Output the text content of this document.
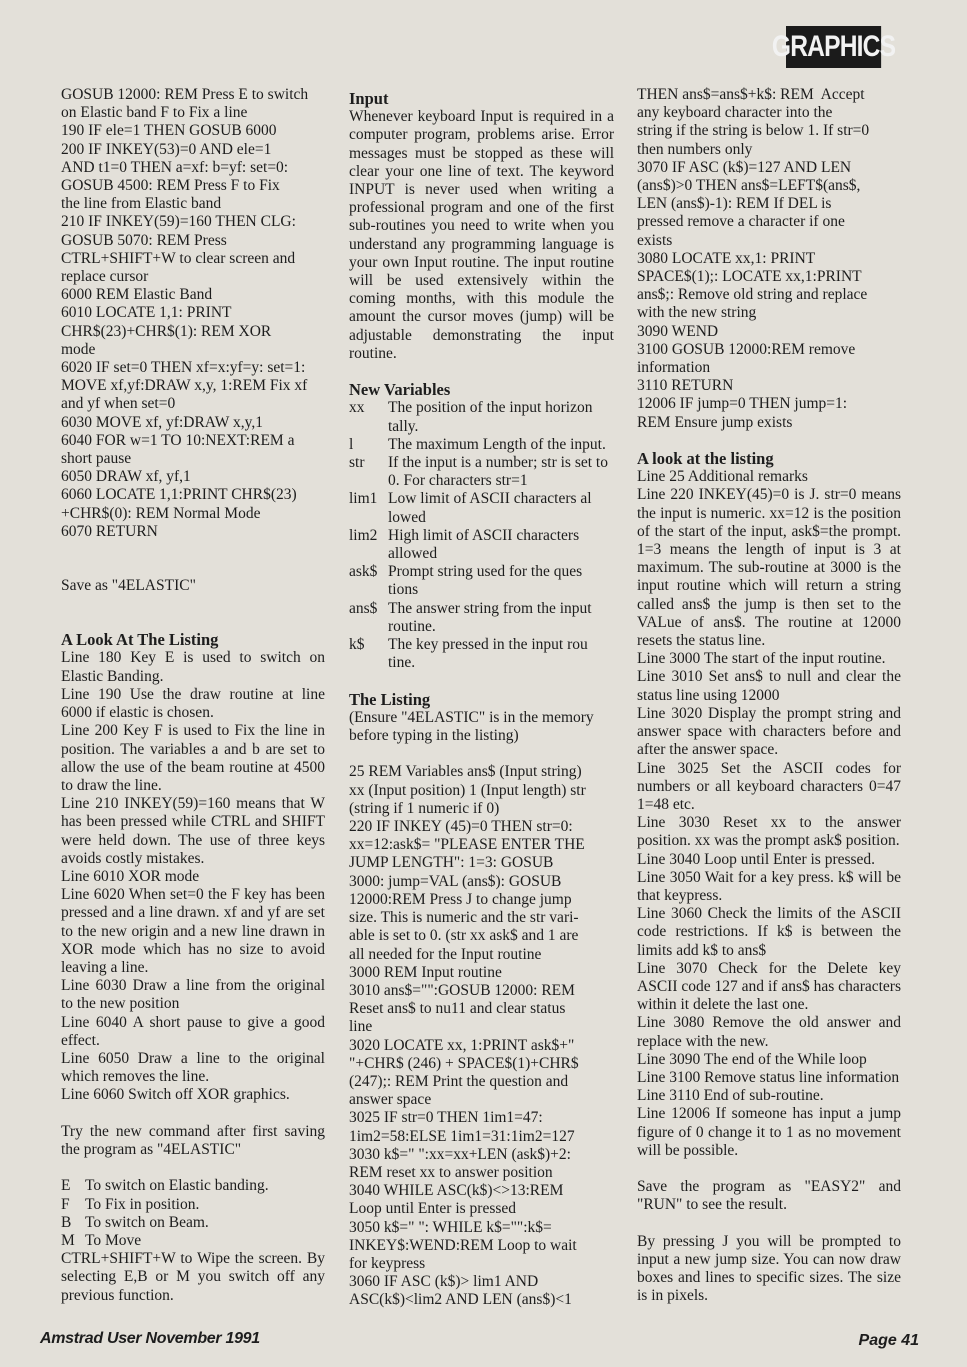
GRAPHICS
GOSUB 12000: REM Press E to switch
on Elastic band F to Fix a line
190 IF ele=1 THEN GOSUB 6000
200 IF INKEY(53)=0 AND ele=1
AND t1=0 THEN a=xf: b=yf: set=0:
GOSUB 4500: REM Press F to Fix
the line from Elastic band
210 IF INKEY(59)=160 THEN CLG:
GOSUB 5070: REM Press
CTRL+SHIFT+W to clear screen and
replace cursor
6000 REM Elastic Band
6010 LOCATE 1,1: PRINT
CHR$(23)+CHR$(1): REM XOR
mode
6020 IF set=0 THEN xf=x:yf=y: set=1:
MOVE xf,yf:DRAW x,y, 1:REM Fix xf
and yf when set=0
6030 MOVE xf, yf:DRAW x,y,1
6040 FOR w=1 TO 10:NEXT:REM a
short pause
6050 DRAW xf, yf,1
6060 LOCATE 1,1:PRINT CHR$(23)
+CHR$(0): REM Normal Mode
6070 RETURN
Save as "4ELASTIC"
A Look At The Listing
Line 180 Key E is used to switch on Elastic Banding.
Line 190 Use the draw routine at line 6000 if elastic is chosen.
Line 200 Key F is used to Fix the line in position. The variables a and b are set to allow the use of the beam routine at 4500 to draw the line.
Line 210 INKEY(59)=160 means that W has been pressed while CTRL and SHIFT were held down. The use of three keys avoids costly mistakes.
Line 6010 XOR mode
Line 6020 When set=0 the F key has been pressed and a line drawn. xf and yf are set to the new origin and a new line drawn in XOR mode which has no size to avoid leaving a line.
Line 6030 Draw a line from the original to the new position
Line 6040 A short pause to give a good effect.
Line 6050 Draw a line to the original which removes the line.
Line 6060 Switch off XOR graphics.
Try the new command after first saving the program as "4ELASTIC"
E To switch on Elastic banding.
F To Fix in position.
B To switch on Beam.
M To Move
CTRL+SHIFT+W to Wipe the screen. By selecting E,B or M you switch off any previous function.
Input
Whenever keyboard Input is required in a computer program, problems arise. Error messages must be stopped as these will clear your one line of text. The keyword INPUT is never used when writing a professional program and one of the first sub-routines you need to write when you understand any programming language is your own Input routine. The input routine will be used extensively within the coming months, with this module the amount the cursor moves (jump) will be adjustable demonstrating the input routine.
New Variables
xx	The position of the input horizon tally.
l	The maximum Length of the input.
str	If the input is a number; str is set to 0. For characters str=1
lim1 Low limit of ASCII characters al lowed
lim2 High limit of ASCII characters allowed
ask$ Prompt string used for the ques tions
ans$ The answer string from the input routine.
k$	The key pressed in the input rou tine.
The Listing
(Ensure "4ELASTIC" is in the memory before typing in the listing)
25 REM Variables ans$ (Input string)
xx (Input position) 1 (Input length) str
(string if 1 numeric if 0)
220 IF INKEY (45)=0 THEN str=0:
xx=12:ask$= "PLEASE ENTER THE
JUMP LENGTH": 1=3: GOSUB
3000: jump=VAL (ans$): GOSUB
12000:REM Press J to change jump
size. This is numeric and the str vari-
able is set to 0. (str xx ask$ and 1 are
all needed for the Input routine
3000 REM Input routine
3010 ans$="":GOSUB 12000: REM
Reset ans$ to nu11 and clear status
line
3020 LOCATE xx, 1:PRINT ask$+"
"+CHR$ (246) + SPACE$(1)+CHR$
(247);: REM Print the question and
answer space
3025 IF str=0 THEN 1im1=47:
1im2=58:ELSE 1im1=31:1im2=127
3030 k$=" ":xx=xx+LEN (ask$)+2:
REM reset xx to answer position
3040 WHILE ASC(k$)<>13:REM
Loop until Enter is pressed
3050 k$=" ": WHILE k$="":k$=
INKEY$:WEND:REM Loop to wait
for keypress
3060 IF ASC (k$)> lim1 AND
ASC(k$)<lim2 AND LEN (ans$)<1
THEN ans$=ans$+k$: REM  Accept
any keyboard character into the
string if the string is below 1. If str=0
then numbers only
3070 IF ASC (k$)=127 AND LEN
(ans$)>0 THEN ans$=LEFT$(ans$,
LEN (ans$)-1): REM If DEL is
pressed remove a character if one
exists
3080 LOCATE xx,1: PRINT
SPACE$(1);: LOCATE xx,1:PRINT
ans$;: Remove old string and replace
with the new string
3090 WEND
3100 GOSUB 12000:REM remove
information
3110 RETURN
12006 IF jump=0 THEN jump=1:
REM Ensure jump exists
A look at the listing
Line 25 Additional remarks
Line 220 INKEY(45)=0 is J. str=0 means the input is numeric. xx=12 is the position of the start of the input, ask$=the prompt. 1=3 means the length of input is 3 at maximum. The sub-routine at 3000 is the input routine which will return a string called ans$ the jump is then set to the VALue of ans$. The routine at 12000 resets the status line.
Line 3000 The start of the input routine.
Line 3010 Set ans$ to null and clear the status line using 12000
Line 3020 Display the prompt string and answer space with characters before and after the answer space.
Line 3025 Set the ASCII codes for numbers or all keyboard characters 0=47 1=48 etc.
Line 3030 Reset xx to the answer position. xx was the prompt ask$ position.
Line 3040 Loop until Enter is pressed.
Line 3050 Wait for a key press. k$ will be that keypress.
Line 3060 Check the limits of the ASCII code restrictions. If k$ is between the limits add k$ to ans$
Line 3070 Check for the Delete key ASCII code 127 and if ans$ has characters within it delete the last one.
Line 3080 Remove the old answer and replace with the new.
Line 3090 The end of the While loop
Line 3100 Remove status line information
Line 3110 End of sub-routine.
Line 12006 If someone has input a jump figure of 0 change it to 1 as no movement will be possible.
Save the program as "EASY2" and "RUN" to see the result.
By pressing J you will be prompted to input a new jump size. You can now draw boxes and lines to specific sizes. The size is in pixels.
Amstrad User November 1991	Page 41
